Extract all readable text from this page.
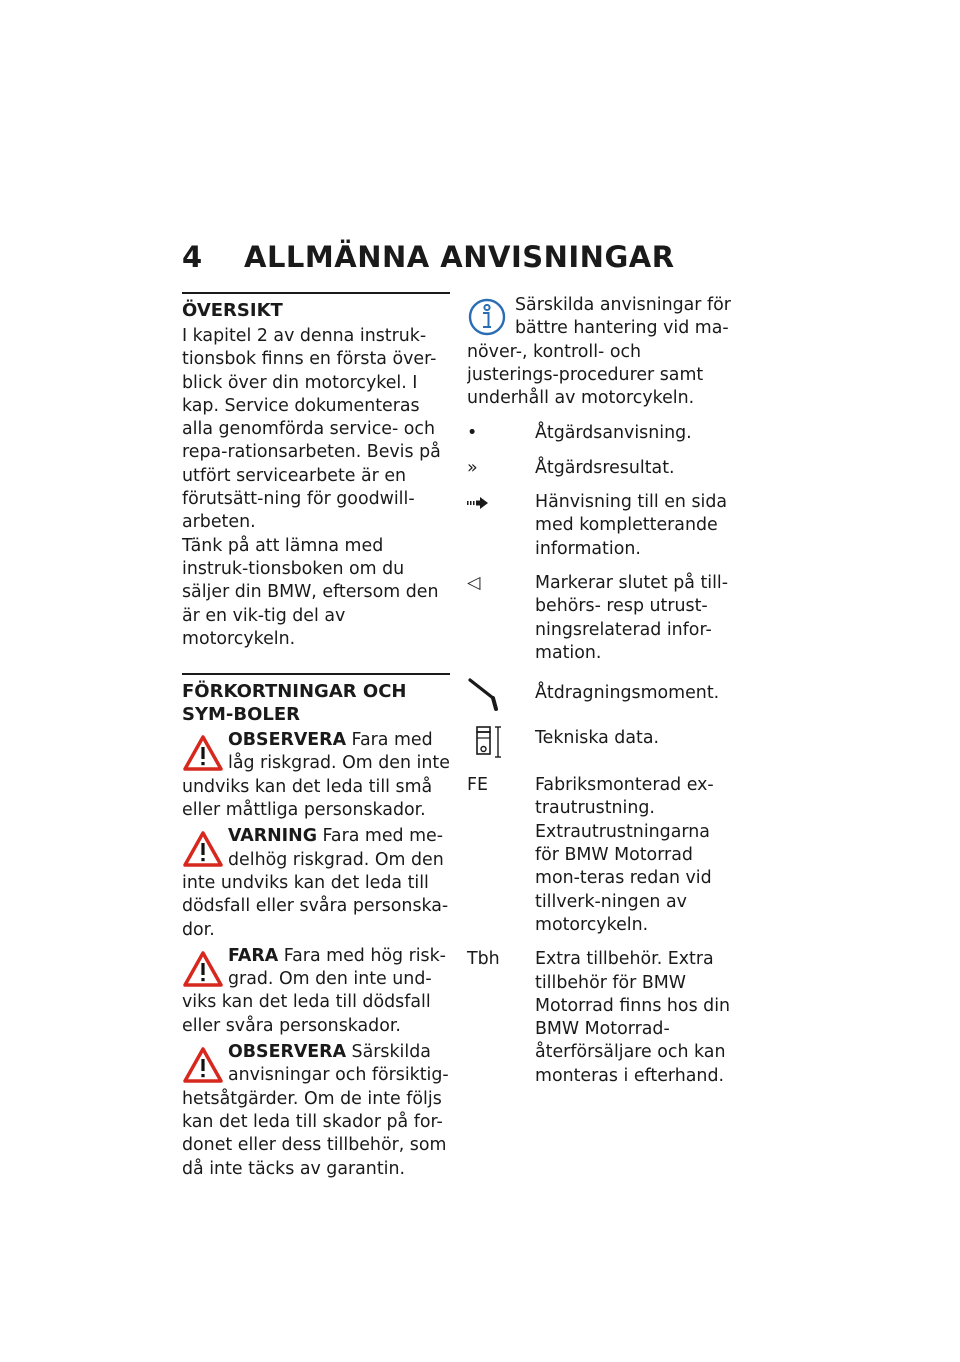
4 ALLMÄNNA ANVISNINGAR
ÖVERSIKT

I kapitel 2 av denna instruk-tionsbok finns en första över-blick över din motorcykel. I kap. Service dokumenteras alla genomförda service- och repa-rationsarbeten. Bevis på utfört servicearbete är en förutsätt-ning för goodwill-arbeten.

Tänk på att lämna med instruk-tionsboken om du säljer din BMW, eftersom den är en vik-tig del av motorcykeln.

FÖRKORTNINGAR OCH SYM-BOLER

OBSERVERA Fara med låg riskgrad. Om den inte undviks kan det leda till små eller måttliga personskador.

VARNING Fara med me-delhög riskgrad. Om den inte undviks kan det leda till dödsfall eller svåra personska-dor.

FARA Fara med hög risk-grad. Om den inte und-viks kan det leda till dödsfall eller svåra personskador.

OBSERVERA Särskilda anvisningar och försiktig-hetsåtgärder. Om de inte följs kan det leda till skador på for-donet eller dess tillbehör, som då inte täcks av garantin.

Särskilda anvisningar för bättre hantering vid ma-növer-, kontroll- och justerings-procedurer samt underhåll av motorcykeln.

•	Åtgärdsanvisning.
»	Åtgärdsresultat.
Hänvisning till en sida med kompletterande information.
◁	Markerar slutet på till-behörs- resp utrust-ningsrelaterad infor-mation.
Åtdragningsmoment.
Tekniska data.
FE	Fabriksmonterad ex-trautrustning. Extrautrustningarna för BMW Motorrad mon-teras redan vid tillverk-ningen av motorcykeln.
Tbh	Extra tillbehör. Extra tillbehör för BMW Motorrad finns hos din BMW Motorrad-återförsäljare och kan monteras i efterhand.
